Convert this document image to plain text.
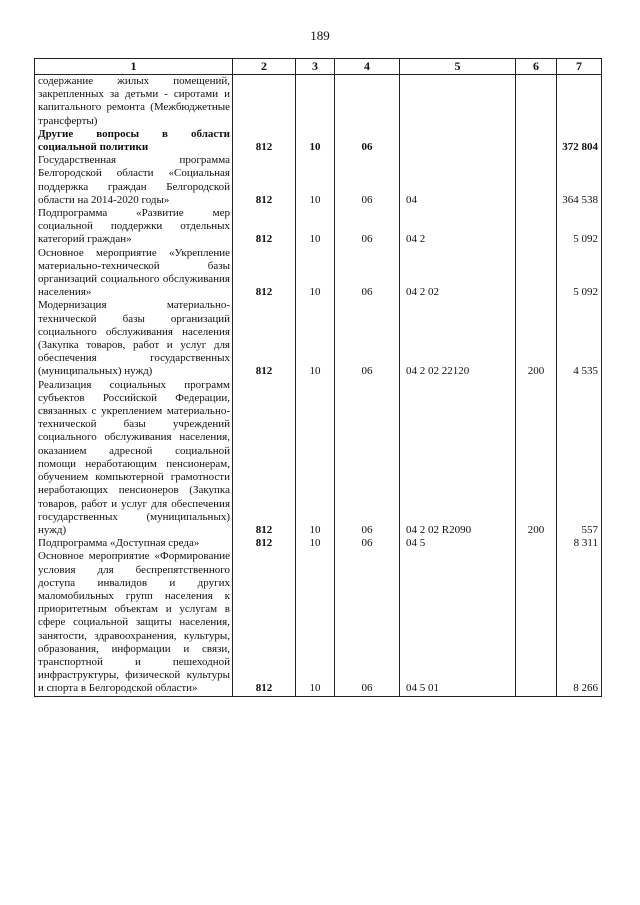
189
1	2	3	4	5	6	7
содержание жилых помещений, закрепленных за детьми - сиротами и капитального ремонта (Межбюджетные трансферты)						
Другие вопросы в области социальной политики	812	10	06			372 804
Государственная программа Белгородской области «Социальная поддержка граждан Белгородской области на 2014-2020 годы»	812	10	06	04		364 538
Подпрограмма «Развитие мер социальной поддержки отдельных категорий граждан»	812	10	06	04 2		5 092
Основное мероприятие «Укрепление материально-технической базы организаций социального обслуживания населения»	812	10	06	04 2 02		5 092
Модернизация материально-технической базы организаций социального обслуживания населения (Закупка товаров, работ и услуг для обеспечения государственных (муниципальных) нужд)	812	10	06	04 2 02 22120	200	4 535
Реализация социальных программ субъектов Российской Федерации, связанных с укреплением материально-технической базы учреждений социального обслуживания населения, оказанием адресной социальной помощи неработающим пенсионерам, обучением компьютерной грамотности неработающих пенсионеров (Закупка товаров, работ и услуг для обеспечения государственных (муниципальных) нужд)	812	10	06	04 2 02 R2090	200	557
Подпрограмма «Доступная среда»	812	10	06	04 5		8 311
Основное мероприятие «Формирование условия для беспрепятственного доступа инвалидов и других маломобильных групп населения к приоритетным объектам и услугам в сфере социальной защиты населения, занятости, здравоохранения, культуры, образования, информации и связи, транспортной и пешеходной инфраструктуры, физической культуры и спорта в Белгородской области»	812	10	06	04 5 01		8 266
